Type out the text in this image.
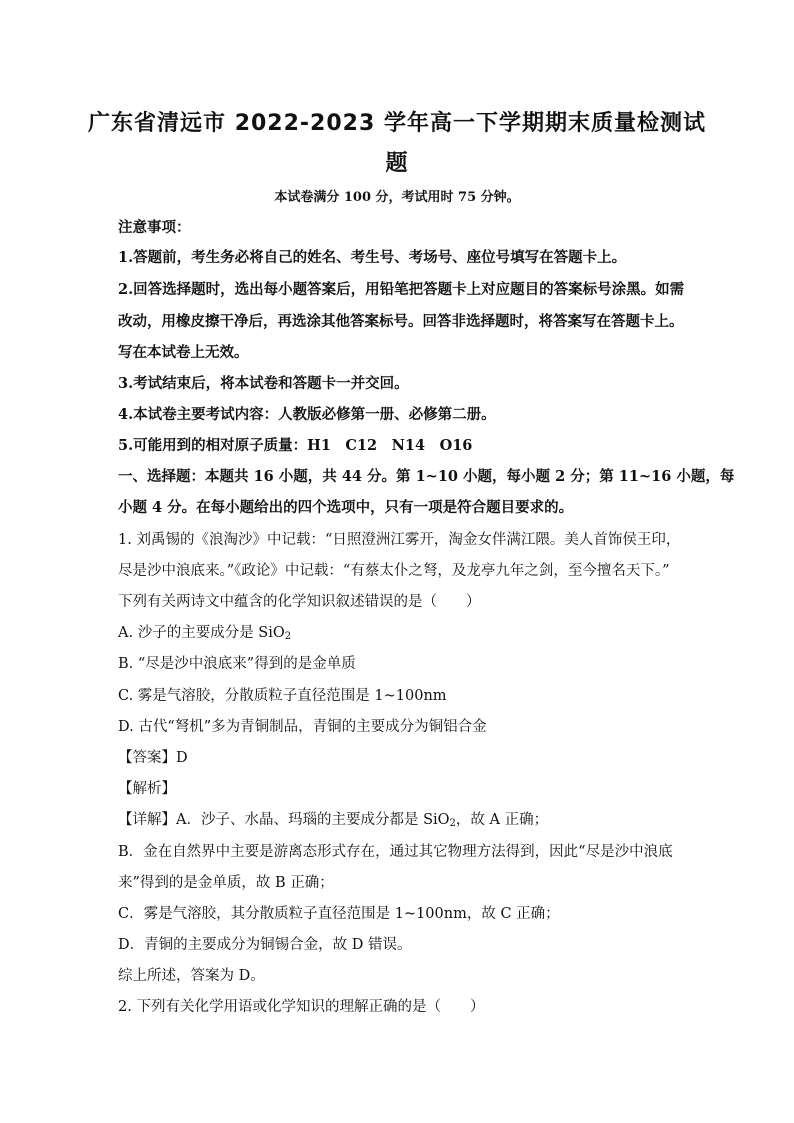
广东省清远市 2022-2023 学年高一下学期期末质量检测试
题
本试卷满分 100 分，考试用时 75 分钟。
注意事项：
1.答题前，考生务必将自己的姓名、考生号、考场号、座位号填写在答题卡上。
2.回答选择题时，选出每小题答案后，用铅笔把答题卡上对应题目的答案标号涂黑。如需
改动，用橡皮擦干净后，再选涂其他答案标号。回答非选择题时，将答案写在答题卡上。
写在本试卷上无效。
3.考试结束后，将本试卷和答题卡一并交回。
4.本试卷主要考试内容：人教版必修第一册、必修第二册。
5.可能用到的相对原子质量：H1　C12　N14　O16
一、选择题：本题共 16 小题，共 44 分。第 1~10 小题，每小题 2 分；第 11~16 小题，每
小题 4 分。在每小题给出的四个选项中，只有一项是符合题目要求的。
1. 刘禹锡的《浪淘沙》中记载：“日照澄洲江雾开，淘金女伴满江隈。美人首饰侯王印，
尽是沙中浪底来。”《政论》中记载：“有蔡太仆之弩，及龙亭九年之剑，至今擅名天下。”
下列有关两诗文中蕴含的化学知识叙述错误的是（　　）
A. 沙子的主要成分是 SiO$_2$
B. “尽是沙中浪底来”得到的是金单质
C. 雾是气溶胶，分散质粒子直径范围是 1~100nm
D. 古代“弩机”多为青铜制品，青铜的主要成分为铜铝合金
【答案】D
【解析】
【详解】A．沙子、水晶、玛瑙的主要成分都是 SiO$_2$，故 A 正确；
B．金在自然界中主要是游离态形式存在，通过其它物理方法得到，因此“尽是沙中浪底
来”得到的是金单质，故 B 正确；
C．雾是气溶胶，其分散质粒子直径范围是 1~100nm，故 C 正确；
D．青铜的主要成分为铜锡合金，故 D 错误。
综上所述，答案为 D。
2. 下列有关化学用语或化学知识的理解正确的是（　　）
